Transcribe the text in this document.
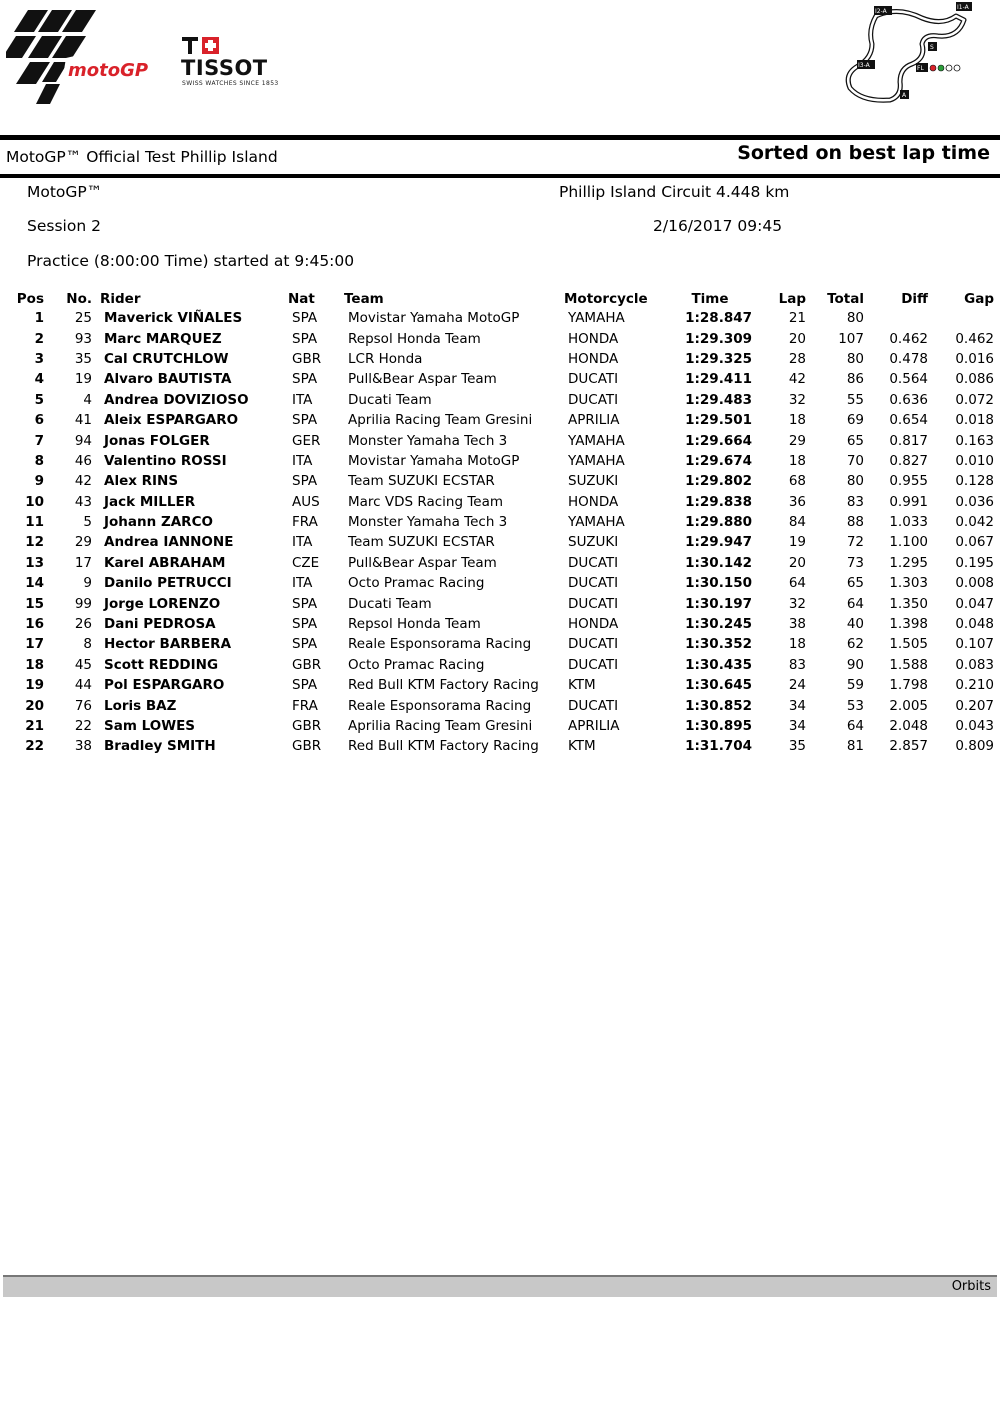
motoGP TISSOT
SWISS WATCHES SINCE 1853
I2-A
I1-A
S
I3-A	FL
A
MotoGP™ Official Test Phillip Island	Sorted on best lap time
MotoGP™	Phillip Island Circuit 4.448 km
Session 2	2/16/2017 09:45
Practice (8:00:00 Time) started at 9:45:00
Pos	No.	Rider	Nat	Team	Motorcycle	Time	Lap	Total	Diff	Gap
1	25	Maverick VIÑALES	SPA	Movistar Yamaha MotoGP	YAMAHA	1:28.847	21	80		
2	93	Marc MARQUEZ	SPA	Repsol Honda Team	HONDA	1:29.309	20	107	0.462	0.462
3	35	Cal CRUTCHLOW	GBR	LCR Honda	HONDA	1:29.325	28	80	0.478	0.016
4	19	Alvaro BAUTISTA	SPA	Pull&Bear Aspar Team	DUCATI	1:29.411	42	86	0.564	0.086
5	4	Andrea DOVIZIOSO	ITA	Ducati Team	DUCATI	1:29.483	32	55	0.636	0.072
6	41	Aleix ESPARGARO	SPA	Aprilia Racing Team Gresini	APRILIA	1:29.501	18	69	0.654	0.018
7	94	Jonas FOLGER	GER	Monster Yamaha Tech 3	YAMAHA	1:29.664	29	65	0.817	0.163
8	46	Valentino ROSSI	ITA	Movistar Yamaha MotoGP	YAMAHA	1:29.674	18	70	0.827	0.010
9	42	Alex RINS	SPA	Team SUZUKI ECSTAR	SUZUKI	1:29.802	68	80	0.955	0.128
10	43	Jack MILLER	AUS	Marc VDS Racing Team	HONDA	1:29.838	36	83	0.991	0.036
11	5	Johann ZARCO	FRA	Monster Yamaha Tech 3	YAMAHA	1:29.880	84	88	1.033	0.042
12	29	Andrea IANNONE	ITA	Team SUZUKI ECSTAR	SUZUKI	1:29.947	19	72	1.100	0.067
13	17	Karel ABRAHAM	CZE	Pull&Bear Aspar Team	DUCATI	1:30.142	20	73	1.295	0.195
14	9	Danilo PETRUCCI	ITA	Octo Pramac Racing	DUCATI	1:30.150	64	65	1.303	0.008
15	99	Jorge LORENZO	SPA	Ducati Team	DUCATI	1:30.197	32	64	1.350	0.047
16	26	Dani PEDROSA	SPA	Repsol Honda Team	HONDA	1:30.245	38	40	1.398	0.048
17	8	Hector BARBERA	SPA	Reale Esponsorama Racing	DUCATI	1:30.352	18	62	1.505	0.107
18	45	Scott REDDING	GBR	Octo Pramac Racing	DUCATI	1:30.435	83	90	1.588	0.083
19	44	Pol ESPARGARO	SPA	Red Bull KTM Factory Racing	KTM	1:30.645	24	59	1.798	0.210
20	76	Loris BAZ	FRA	Reale Esponsorama Racing	DUCATI	1:30.852	34	53	2.005	0.207
21	22	Sam LOWES	GBR	Aprilia Racing Team Gresini	APRILIA	1:30.895	34	64	2.048	0.043
22	38	Bradley SMITH	GBR	Red Bull KTM Factory Racing	KTM	1:31.704	35	81	2.857	0.809
Orbits
